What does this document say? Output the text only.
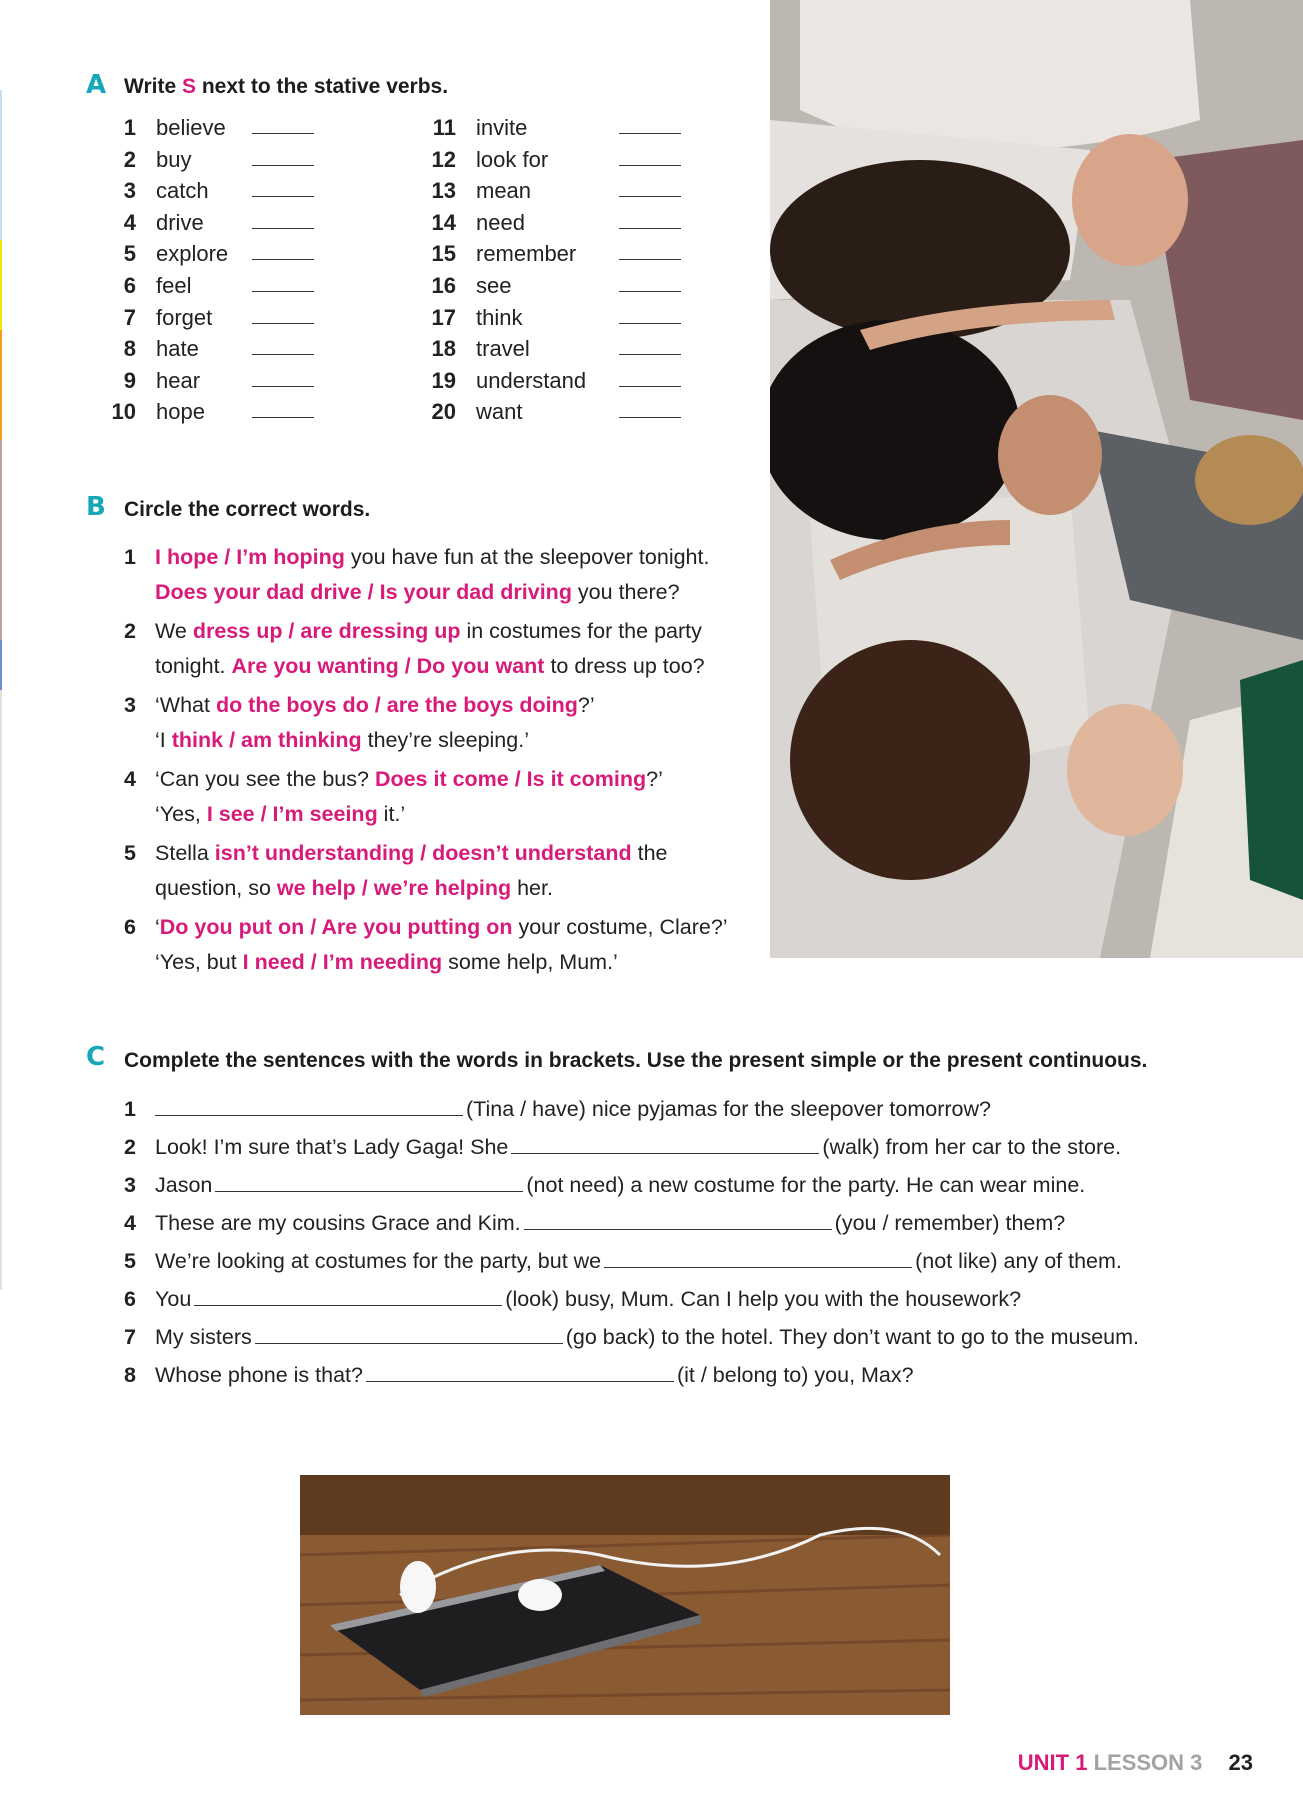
A Write S next to the stative verbs.
1 believe
2 buy
3 catch
4 drive
5 explore
6 feel
7 forget
8 hate
9 hear
10 hope
11 invite
12 look for
13 mean
14 need
15 remember
16 see
17 think
18 travel
19 understand
20 want
B Circle the correct words.
1 I hope / I’m hoping you have fun at the sleepover tonight.
Does your dad drive / Is your dad driving you there?
2 We dress up / are dressing up in costumes for the party
tonight. Are you wanting / Do you want to dress up too?
3 ‘What do the boys do / are the boys doing?’
‘I think / am thinking they’re sleeping.’
4 ‘Can you see the bus? Does it come / Is it coming?’
‘Yes, I see / I’m seeing it.’
5 Stella isn’t understanding / doesn’t understand the
question, so we help / we’re helping her.
6 ‘Do you put on / Are you putting on your costume, Clare?’
‘Yes, but I need / I’m needing some help, Mum.’
C Complete the sentences with the words in brackets. Use the present simple or the present continuous.
1	(Tina / have) nice pyjamas for the sleepover tomorrow?
2 Look! I’m sure that’s Lady Gaga! She	(walk) from her car to the store.
3 Jason	(not need) a new costume for the party. He can wear mine.
4 These are my cousins Grace and Kim.	(you / remember) them?
5 We’re looking at costumes for the party, but we	(not like) any of them.
6 You	(look) busy, Mum. Can I help you with the housework?
7 My sisters	(go back) to the hotel. They don’t want to go to the museum.
8 Whose phone is that?	(it / belong to) you, Max?
UNIT 1 LESSON 3 23
